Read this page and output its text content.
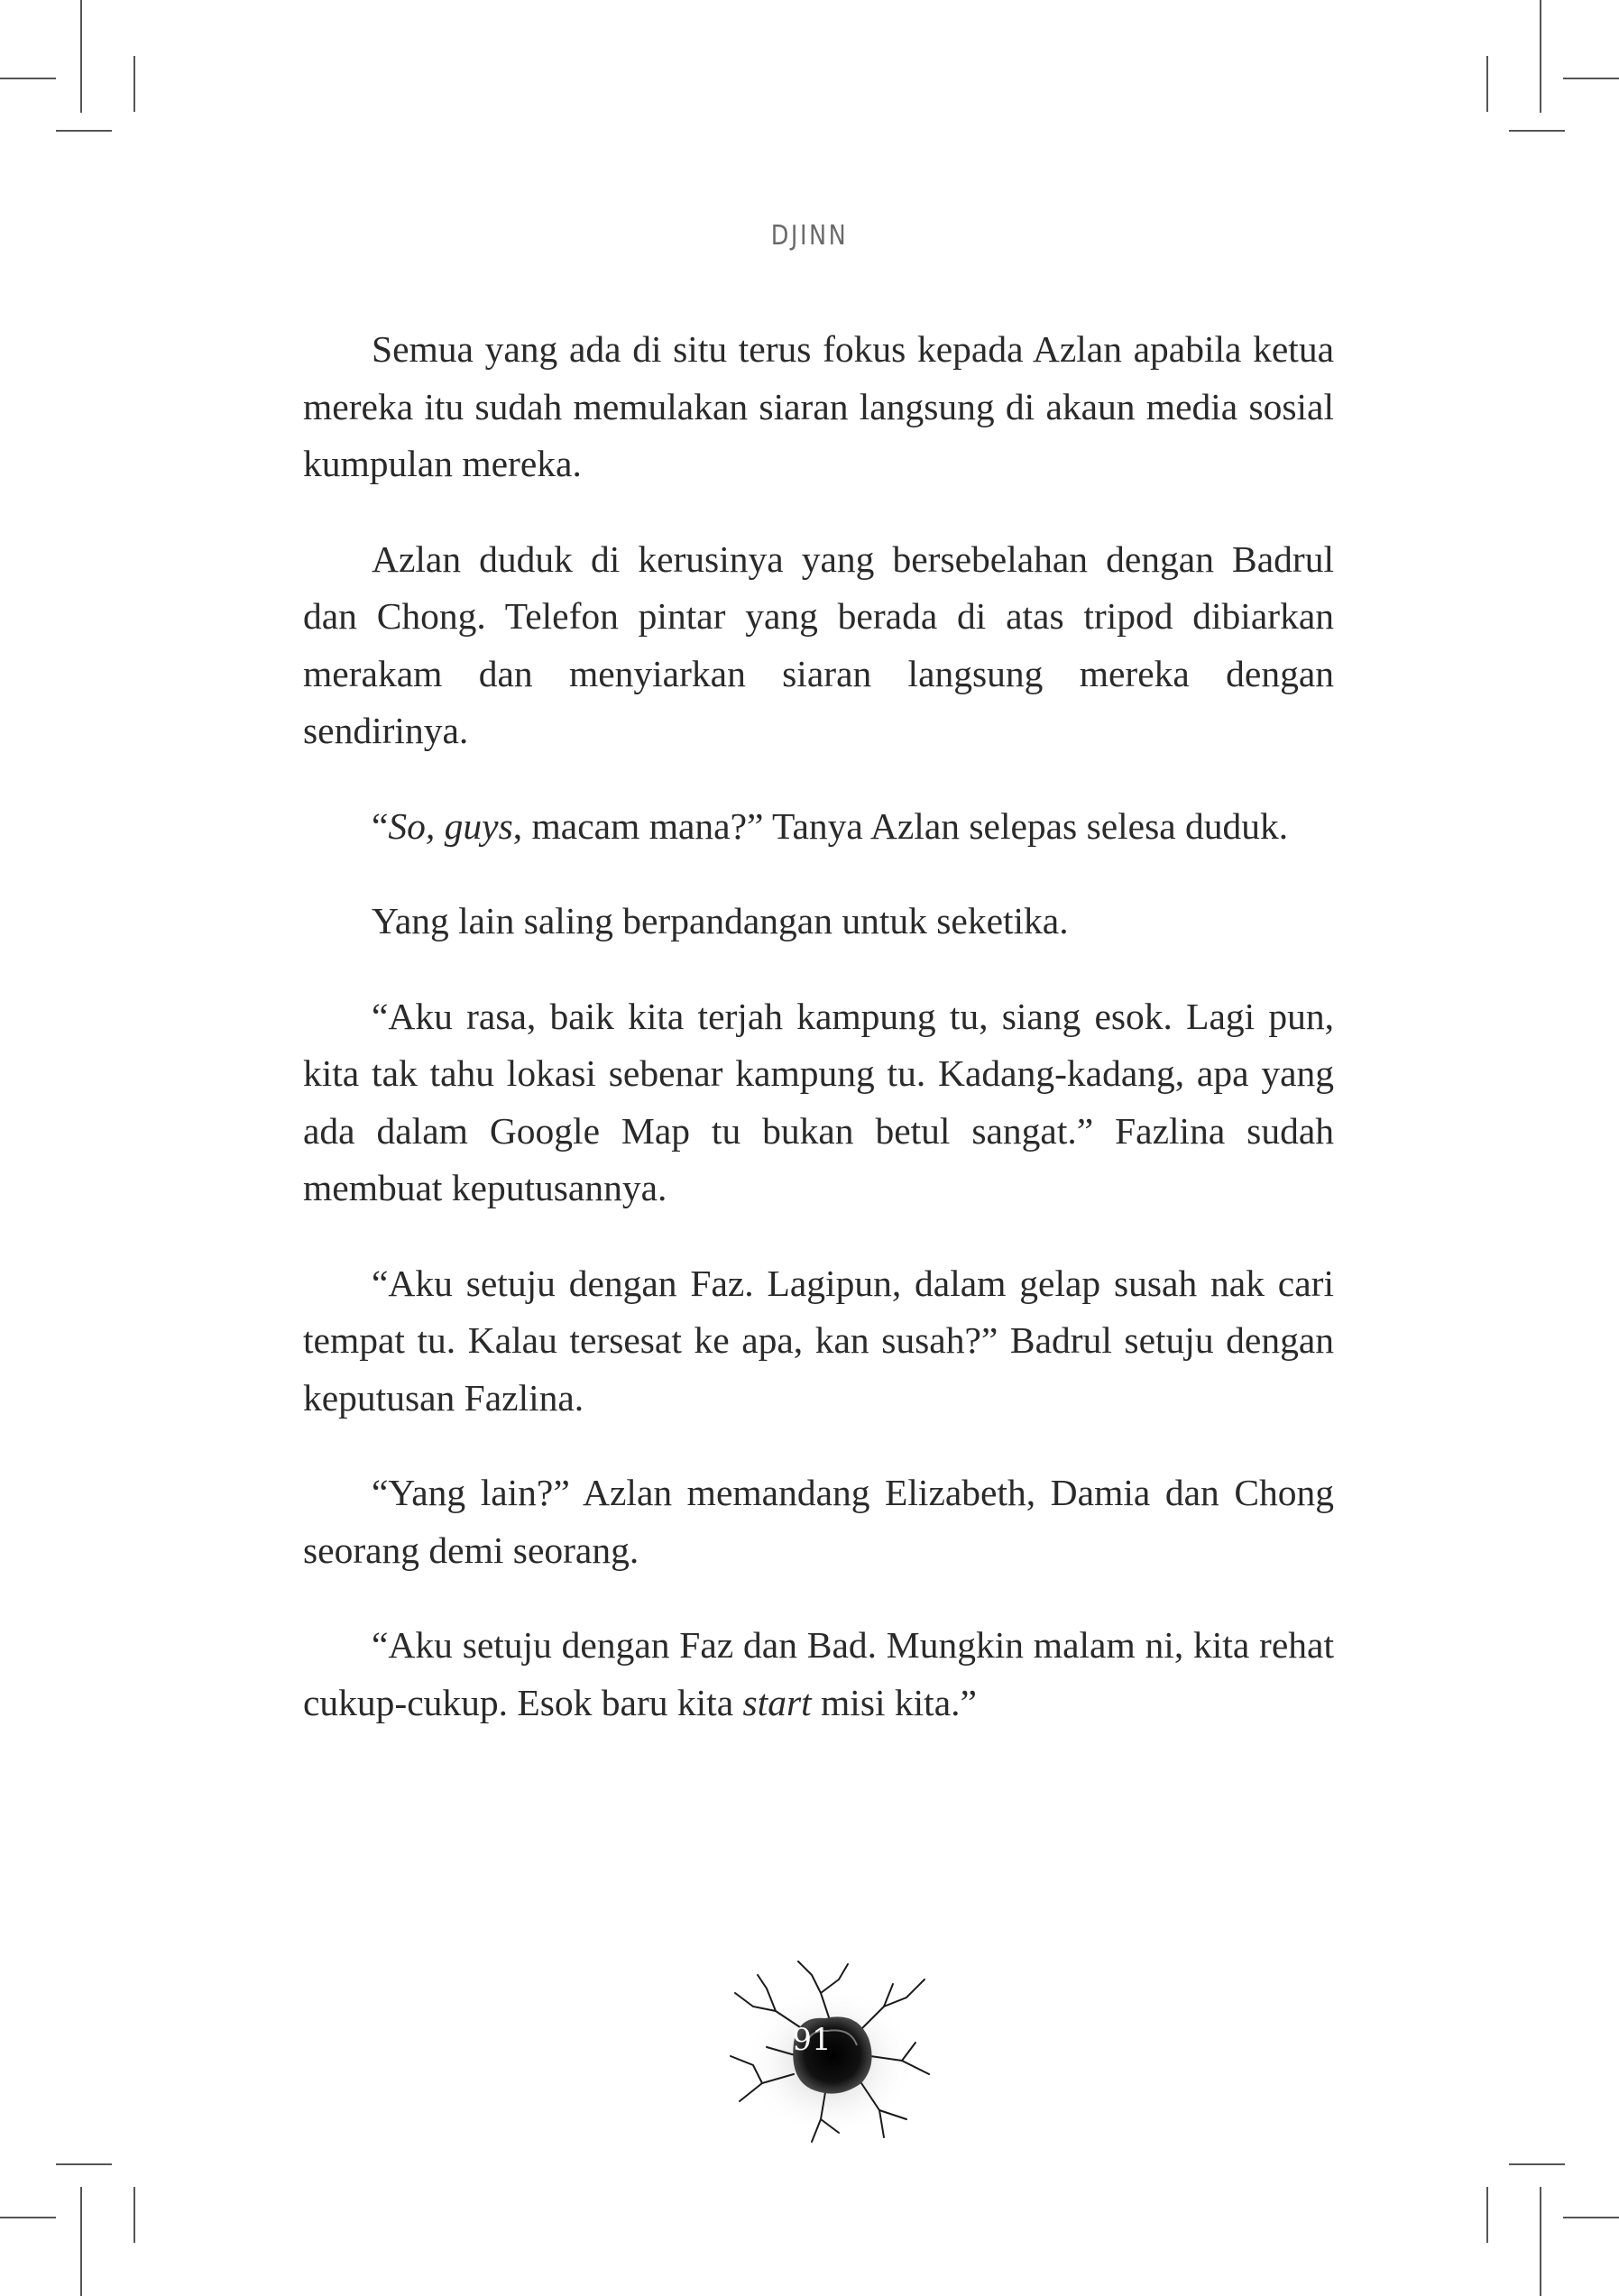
DJINN

Semua yang ada di situ terus fokus kepada Azlan apabila ketua mereka itu sudah memulakan siaran langsung di akaun media sosial kumpulan mereka.

Azlan duduk di kerusinya yang bersebelahan dengan Badrul dan Chong. Telefon pintar yang berada di atas tripod dibiarkan merakam dan menyiarkan siaran langsung mereka dengan sendirinya.

“So, guys, macam mana?” Tanya Azlan selepas selesa duduk.

Yang lain saling berpandangan untuk seketika.

“Aku rasa, baik kita terjah kampung tu, siang esok. Lagi pun, kita tak tahu lokasi sebenar kampung tu. Kadang-kadang, apa yang ada dalam Google Map tu bukan betul sangat.” Fazlina sudah membuat keputusannya.

“Aku setuju dengan Faz. Lagipun, dalam gelap susah nak cari tempat tu. Kalau tersesat ke apa, kan susah?” Badrul setuju dengan keputusan Fazlina.

“Yang lain?” Azlan memandang Elizabeth, Damia dan Chong seorang demi seorang.

“Aku setuju dengan Faz dan Bad. Mungkin malam ni, kita rehat cukup-cukup. Esok baru kita start misi kita.”

91
